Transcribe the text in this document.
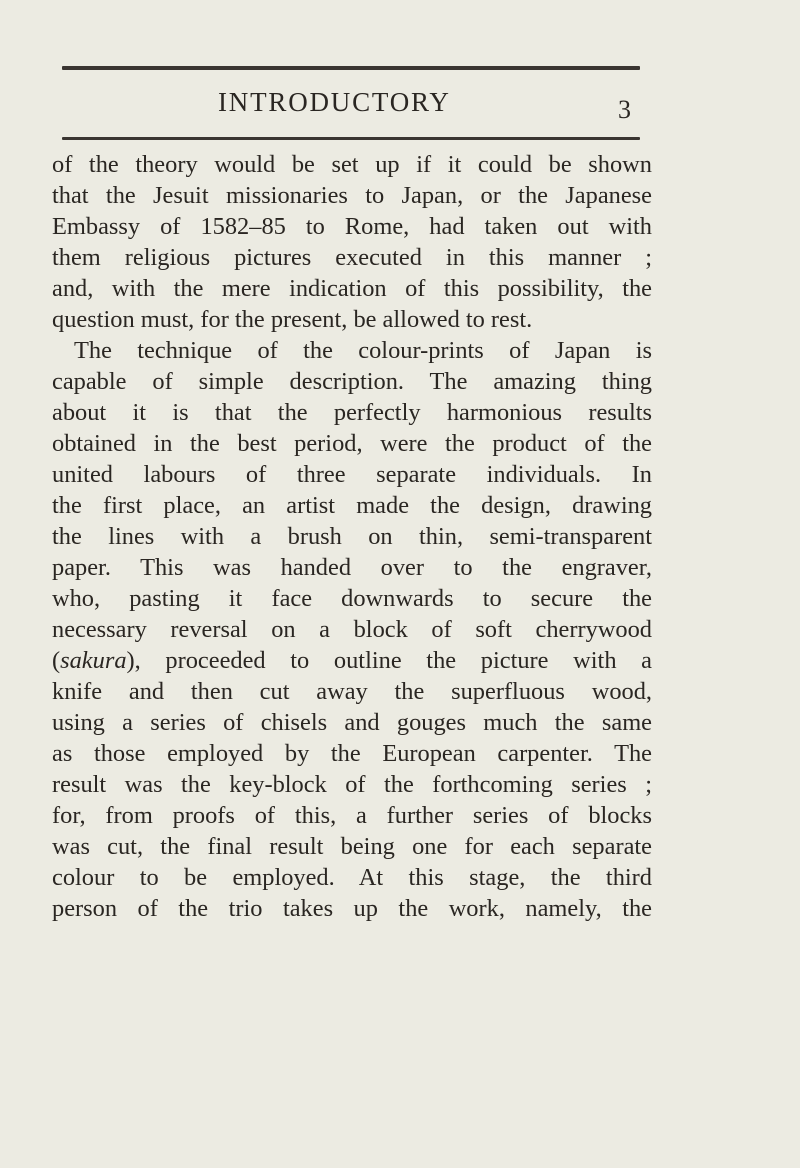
INTRODUCTORY	3
of the theory would be set up if it could be shown
that the Jesuit missionaries to Japan, or the Japanese
Embassy of 1582–85 to Rome, had taken out with
them religious pictures executed in this manner ;
and, with the mere indication of this possibility, the
question must, for the present, be allowed to rest.
The technique of the colour-prints of Japan is
capable of simple description. The amazing thing
about it is that the perfectly harmonious results
obtained in the best period, were the product of the
united labours of three separate individuals. In
the first place, an artist made the design, drawing
the lines with a brush on thin, semi-transparent
paper. This was handed over to the engraver,
who, pasting it face downwards to secure the
necessary reversal on a block of soft cherrywood
(sakura), proceeded to outline the picture with a
knife and then cut away the superfluous wood,
using a series of chisels and gouges much the same
as those employed by the European carpenter. The
result was the key-block of the forthcoming series ;
for, from proofs of this, a further series of blocks
was cut, the final result being one for each separate
colour to be employed. At this stage, the third
person of the trio takes up the work, namely, the
